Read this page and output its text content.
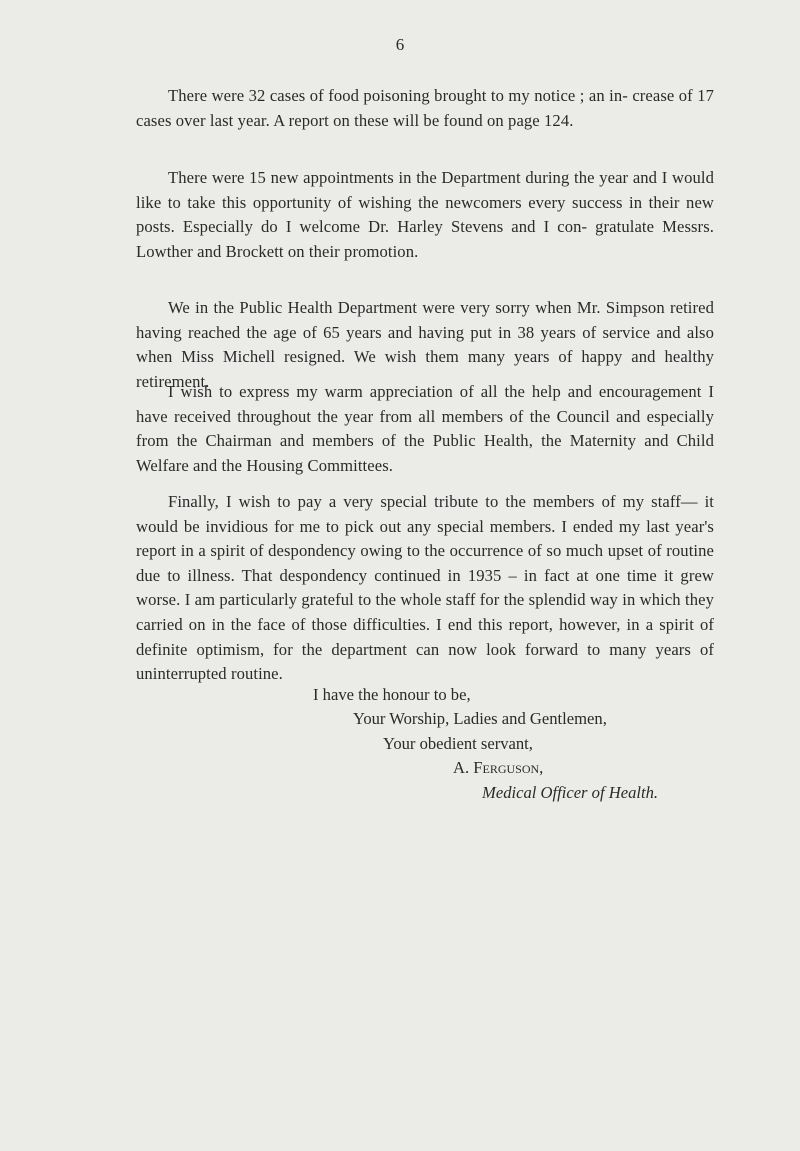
6

There were 32 cases of food poisoning brought to my notice ; an in- crease of 17 cases over last year. A report on these will be found on page 124.

There were 15 new appointments in the Department during the year and I would like to take this opportunity of wishing the newcomers every success in their new posts. Especially do I welcome Dr. Harley Stevens and I con- gratulate Messrs. Lowther and Brockett on their promotion.

We in the Public Health Department were very sorry when Mr. Simpson retired having reached the age of 65 years and having put in 38 years of service and also when Miss Michell resigned. We wish them many years of happy and healthy retirement.

I wish to express my warm appreciation of all the help and encouragement I have received throughout the year from all members of the Council and especially from the Chairman and members of the Public Health, the Maternity and Child Welfare and the Housing Committees.

Finally, I wish to pay a very special tribute to the members of my staff— it would be invidious for me to pick out any special members. I ended my last year's report in a spirit of despondency owing to the occurrence of so much upset of routine due to illness. That despondency continued in 1935 – in fact at one time it grew worse. I am particularly grateful to the whole staff for the splendid way in which they carried on in the face of those difficulties. I end this report, however, in a spirit of definite optimism, for the department can now look forward to many years of uninterrupted routine.

I have the honour to be,
Your Worship, Ladies and Gentlemen,
Your obedient servant,
A. Ferguson,
Medical Officer of Health.
